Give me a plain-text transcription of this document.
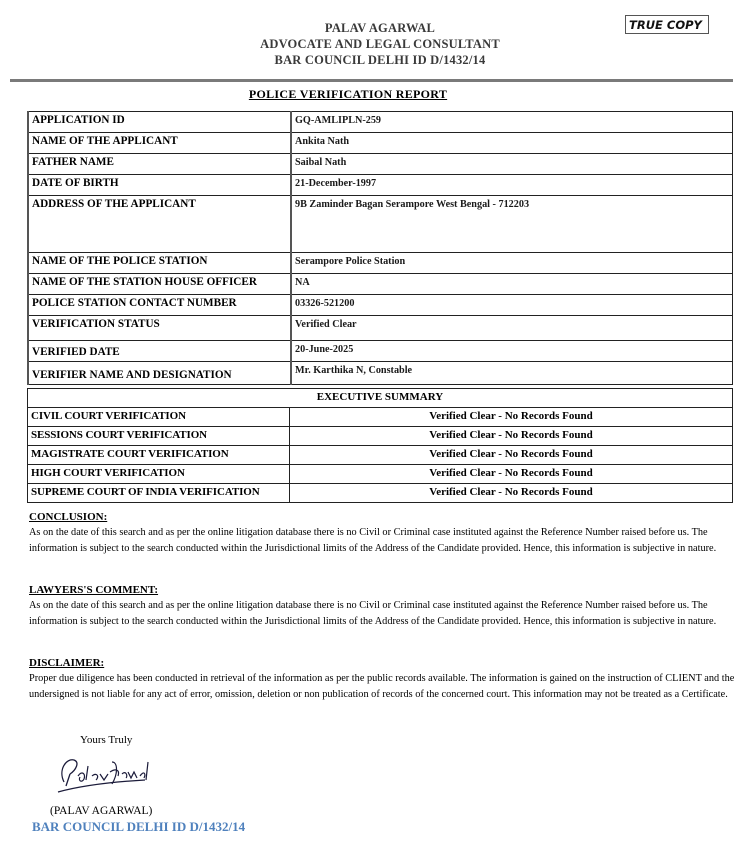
PALAV AGARWAL
ADVOCATE AND LEGAL CONSULTANT
BAR COUNCIL DELHI ID D/1432/14
TRUE COPY
POLICE VERIFICATION REPORT
APPLICATION ID	GQ-AMLIPLN-259
NAME OF THE APPLICANT	Ankita Nath
FATHER NAME	Saibal Nath
DATE OF BIRTH	21-December-1997
ADDRESS OF THE APPLICANT	9B Zaminder Bagan Serampore West Bengal - 712203
NAME OF THE POLICE STATION	Serampore Police Station
NAME OF THE STATION HOUSE OFFICER	NA
POLICE STATION CONTACT NUMBER	03326-521200
VERIFICATION STATUS	Verified Clear
VERIFIED DATE	20-June-2025
VERIFIER NAME AND DESIGNATION	Mr. Karthika N, Constable
EXECUTIVE SUMMARY	
CIVIL COURT VERIFICATION	Verified Clear - No Records Found
SESSIONS COURT VERIFICATION	Verified Clear - No Records Found
MAGISTRATE COURT VERIFICATION	Verified Clear - No Records Found
HIGH COURT VERIFICATION	Verified Clear - No Records Found
SUPREME COURT OF INDIA VERIFICATION	Verified Clear - No Records Found
CONCLUSION:
As on the date of this search and as per the online litigation database there is no Civil or Criminal case instituted against the Reference Number raised before us. The information is subject to the search conducted within the Jurisdictional limits of the Address of the Candidate provided. Hence, this information is subjective in nature.
LAWYERS'S COMMENT:
As on the date of this search and as per the online litigation database there is no Civil or Criminal case instituted against the Reference Number raised before us. The information is subject to the search conducted within the Jurisdictional limits of the Address of the Candidate provided. Hence, this information is subjective in nature.
DISCLAIMER:
Proper due diligence has been conducted in retrieval of the information as per the public records available. The information is gained on the instruction of CLIENT and the undersigned is not liable for any act of error, omission, deletion or non publication of records of the concerned court. This information may not be treated as a Certificate.
Yours Truly
(PALAV AGARWAL)
BAR COUNCIL DELHI ID D/1432/14
